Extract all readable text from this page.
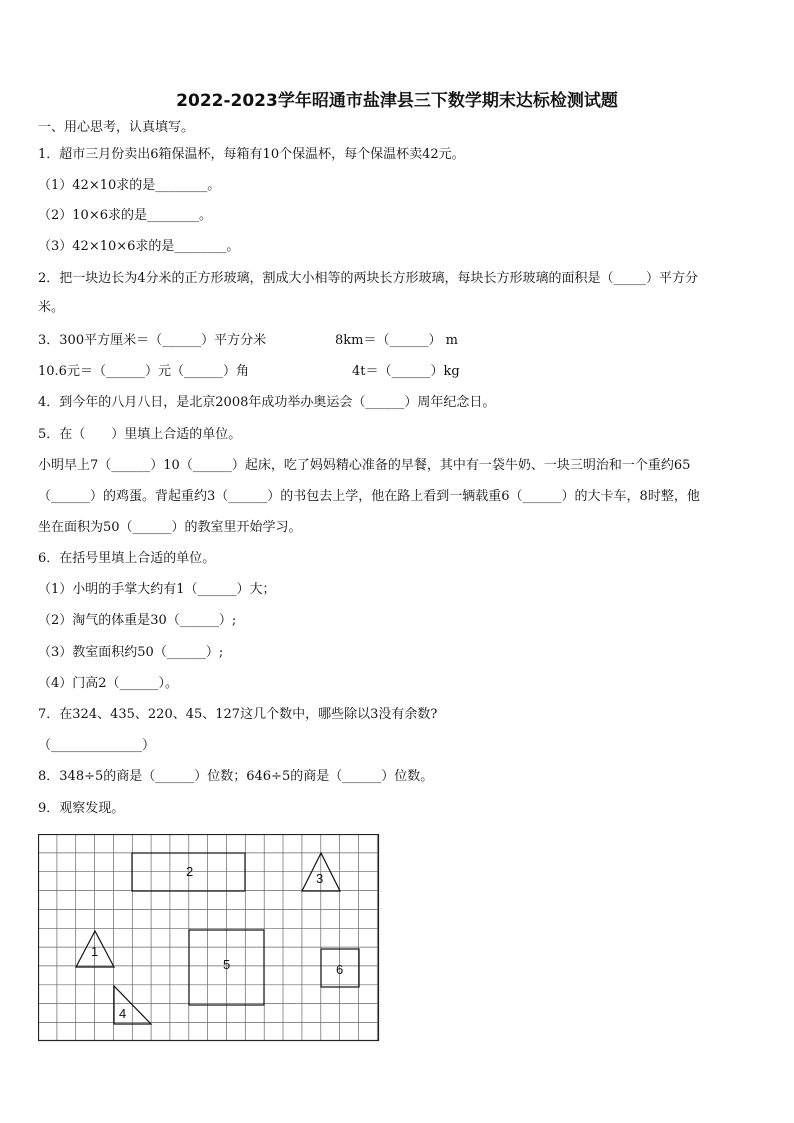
2022-2023学年昭通市盐津县三下数学期末达标检测试题
一、用心思考，认真填写。
1．超市三月份卖出6箱保温杯，每箱有10个保温杯，每个保温杯卖42元。
（1）42×10求的是________。
（2）10×6求的是________。
（3）42×10×6求的是________。
2．把一块边长为4分米的正方形玻璃，割成大小相等的两块长方形玻璃，每块长方形玻璃的面积是（_____）平方分
米。
3．300平方厘米＝（______）平方分米	8km＝（______） m
10.6元＝（______）元（______）角	4t＝（______）kg
4．到今年的八月八日，是北京2008年成功举办奥运会（______）周年纪念日。
5．在（　　）里填上合适的单位。
小明早上7（______）10（______）起床，吃了妈妈精心准备的早餐，其中有一袋牛奶、一块三明治和一个重约65
（______）的鸡蛋。背起重约3（______）的书包去上学，他在路上看到一辆载重6（______）的大卡车，8时整，他
坐在面积为50（______）的教室里开始学习。
6．在括号里填上合适的单位。
（1）小明的手掌大约有1（______）大；
（2）淘气的体重是30（______）;
（3）教室面积约50（______）;
（4）门高2（______）。
7．在324、435、220、45、127这几个数中，哪些除以3没有余数?
（______________）
8．348÷5的商是（______）位数；646÷5的商是（______）位数。
9．观察发现。
1
2	3
4
5	6
